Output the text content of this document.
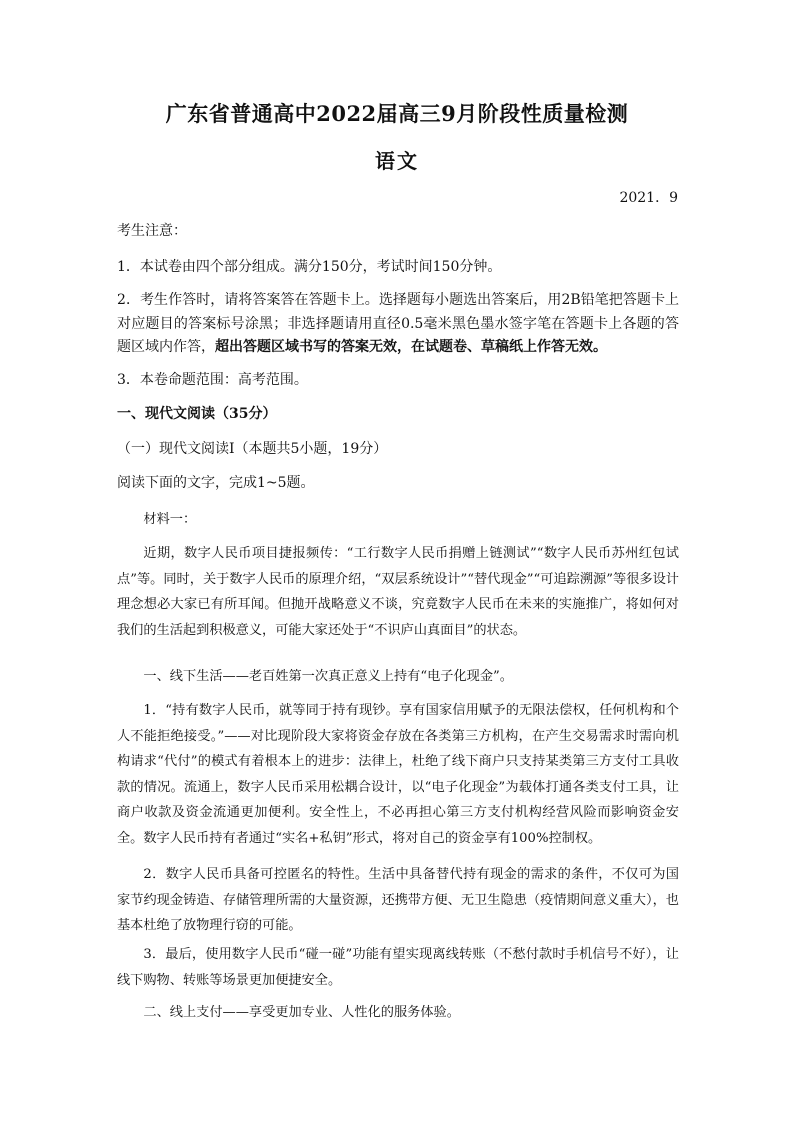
广东省普通高中2022届高三9月阶段性质量检测
语文
2021．9
考生注意：
1．本试卷由四个部分组成。满分150分，考试时间150分钟。
2．考生作答时，请将答案答在答题卡上。选择题每小题选出答案后，用2B铅笔把答题卡上对应题目的答案标号涂黑；非选择题请用直径0.5毫米黑色墨水签字笔在答题卡上各题的答题区域内作答，超出答题区域书写的答案无效，在试题卷、草稿纸上作答无效。
3．本卷命题范围：高考范围。
一、现代文阅读（35分）
（一）现代文阅读Ⅰ（本题共5小题，19分）
阅读下面的文字，完成1~5题。
材料一：
近期，数字人民币项目捷报频传：“工行数字人民币捐赠上链测试”“数字人民币苏州红包试点”等。同时，关于数字人民币的原理介绍，“双层系统设计”“替代现金”“可追踪溯源”等很多设计理念想必大家已有所耳闻。但抛开战略意义不谈，究竟数字人民币在未来的实施推广，将如何对我们的生活起到积极意义，可能大家还处于“不识庐山真面目”的状态。
一、线下生活——老百姓第一次真正意义上持有“电子化现金”。
1．“持有数字人民币，就等同于持有现钞。享有国家信用赋予的无限法偿权，任何机构和个人不能拒绝接受。”——对比现阶段大家将资金存放在各类第三方机构，在产生交易需求时需向机构请求“代付”的模式有着根本上的进步：法律上，杜绝了线下商户只支持某类第三方支付工具收款的情况。流通上，数字人民币采用松耦合设计，以“电子化现金”为载体打通各类支付工具，让商户收款及资金流通更加便利。安全性上，不必再担心第三方支付机构经营风险而影响资金安全。数字人民币持有者通过“实名+私钥”形式，将对自己的资金享有100%控制权。
2．数字人民币具备可控匿名的特性。生活中具备替代持有现金的需求的条件，不仅可为国家节约现金铸造、存储管理所需的大量资源，还携带方便、无卫生隐患（疫情期间意义重大），也基本杜绝了放物理行窃的可能。
3．最后，使用数字人民币“碰一碰”功能有望实现离线转账（不愁付款时手机信号不好），让线下购物、转账等场景更加便捷安全。
二、线上支付——享受更加专业、人性化的服务体验。
